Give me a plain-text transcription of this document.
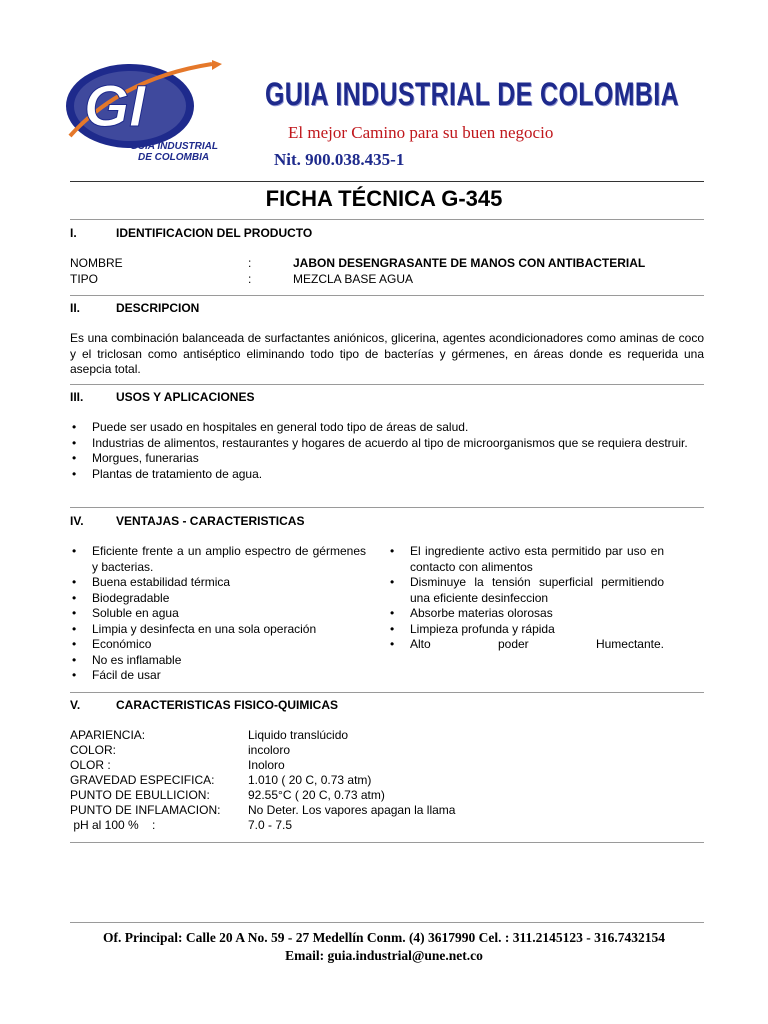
GI
GUIA INDUSTRIAL
DE COLOMBIA
GUIA INDUSTRIAL DE COLOMBIA
El mejor Camino para su buen negocio
Nit. 900.038.435-1
FICHA TÉCNICA G-345
I.	IDENTIFICACION DEL PRODUCTO
NOMBRE	:	JABON DESENGRASANTE DE MANOS CON ANTIBACTERIAL
TIPO	:	MEZCLA BASE AGUA
II.	DESCRIPCION
Es una combinación balanceada de surfactantes aniónicos, glicerina, agentes acondicionadores como aminas de coco y el triclosan como antiséptico eliminando todo tipo de bacterías y gérmenes, en áreas donde es requerida una asepcia total.
III.	USOS Y APLICACIONES
• Puede ser usado en hospitales en general todo tipo de áreas de salud.
• Industrias de alimentos, restaurantes y hogares de acuerdo al tipo de microorganismos que se requiera destruir.
• Morgues, funerarias
• Plantas de tratamiento de agua.
IV.	VENTAJAS - CARACTERISTICAS
• Eficiente frente a un amplio espectro de gérmenes y bacterias.
• Buena estabilidad térmica
• Biodegradable
• Soluble en agua
• Limpia y desinfecta en una sola operación
• Económico
• No es inflamable
• Fácil de usar
• El ingrediente activo esta permitido par uso en contacto con alimentos
• Disminuye la tensión superficial permitiendo una eficiente desinfeccion
• Absorbe materias olorosas
• Limpieza profunda y rápida
• Alto poder Humectante.
V.	CARACTERISTICAS FISICO-QUIMICAS
APARIENCIA:	Liquido translúcido
COLOR:	incoloro
OLOR :	Inoloro
GRAVEDAD ESPECIFICA:	1.010 ( 20 C, 0.73 atm)
PUNTO DE EBULLICION:	92.55°C ( 20 C, 0.73 atm)
PUNTO DE INFLAMACION: No Deter. Los vapores apagan la llama
pH al 100 %    :	7.0 - 7.5
Of. Principal: Calle 20 A No. 59 - 27 Medellín Conm. (4) 3617990 Cel. : 311.2145123 - 316.7432154
Email: guia.industrial@une.net.co
